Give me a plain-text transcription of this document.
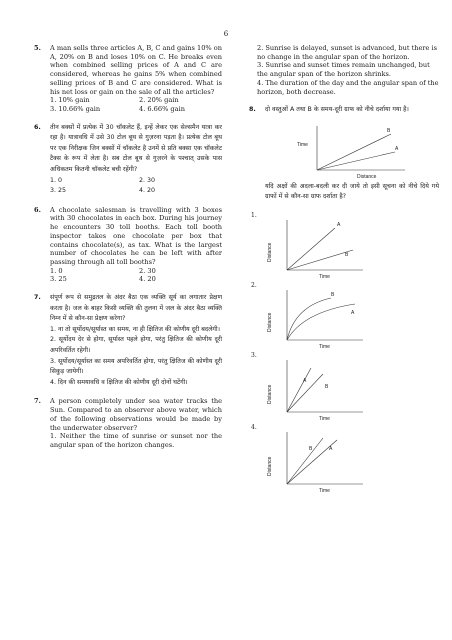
6
5. A man sells three articles A, B, C and gains 10% on A, 20% on B and loses 10% on C. He breaks even when combined selling prices of A and C are considered, whereas he gains 5% when combined selling prices of B and C are considered. What is his net loss or gain on the sale of all the articles?
1. 10% gain	2. 20% gain
3. 10.66% gain	4. 6.66% gain
6. तीन बक्सों में प्रत्येक में 30 चॉकलेट हैं, इन्हें लेकर एक सेल्समैन यात्रा कर रहा है। यात्रावधि में उसे 30 टोल बूथ से गुज़रना पड़ता है। प्रत्येक टोल बूथ पर एक निरीक्षक जिन बक्सों में चॉकलेट है उनमें से प्रति बक्सा एक चॉकलेट टैक्स के रूप में लेता है। सब टोल बूथ से गुज़रने के पश्चात् उसके पास अधिकतम कितनी चॉकलेट बची रहेंगी?
1. 0	2. 30
3. 25	4. 20
6. A chocolate salesman is travelling with 3 boxes with 30 chocolates in each box. During his journey he encounters 30 toll booths. Each toll booth inspector takes one chocolate per box that contains chocolate(s), as tax. What is the largest number of chocolates he can be left with after passing through all toll booths?
1. 0	2. 30
3. 25	4. 20
7. संपूर्ण रूप से समुद्रतल के अंदर बैठा एक व्यक्ति सूर्य का लगातार प्रेक्षण करता है। जल के बाहर किसी व्यक्ति की तुलना में जल के अंदर बैठा व्यक्ति निम्न में से कौन-सा प्रेक्षण करेगा?
1. ना तो सूर्योदय/सूर्यास्त का समय, ना ही क्षितिज की कोणीय दूरी बदलेगी।
2. सूर्योदय देर से होगा, सूर्यास्त पहले होगा, परंतु क्षितिज की कोणीय दूरी अपरिवर्तित रहेगी।
3. सूर्योदय/सूर्यास्त का समय अपरिवर्तित होगा, परंतु क्षितिज की कोणीय दूरी सिकुड़ जायेगी।
4. दिन की समयावधि व क्षितिज की कोणीय दूरी दोनों घटेंगी।
7. A person completely under sea water tracks the Sun. Compared to an observer above water, which of the following observations would be made by the underwater observer?
1. Neither the time of sunrise or sunset nor the angular span of the horizon changes.
2. Sunrise is delayed, sunset is advanced, but there is no change in the angular span of the horizon.
3. Sunrise and sunset times remain unchanged, but the angular span of the horizon shrinks.
4. The duration of the day and the angular span of the horizon, both decrease.
8. दो वस्तुओं A तथा B के समय-दूरी ग्राफ को नीचे दर्शाया गया है।
Time
Distance
B
A
यदि अक्षों की अदला-बदली कर दी जाये तो इसी सूचना को नीचे दिये गये ग्राफों में से कौन-सा ग्राफ दर्शाता है?
1.
Distance
Time
A
B
2.
Distance
Time
B
A
3.
Distance
Time
A
B
4.
Distance
Time
B	A
